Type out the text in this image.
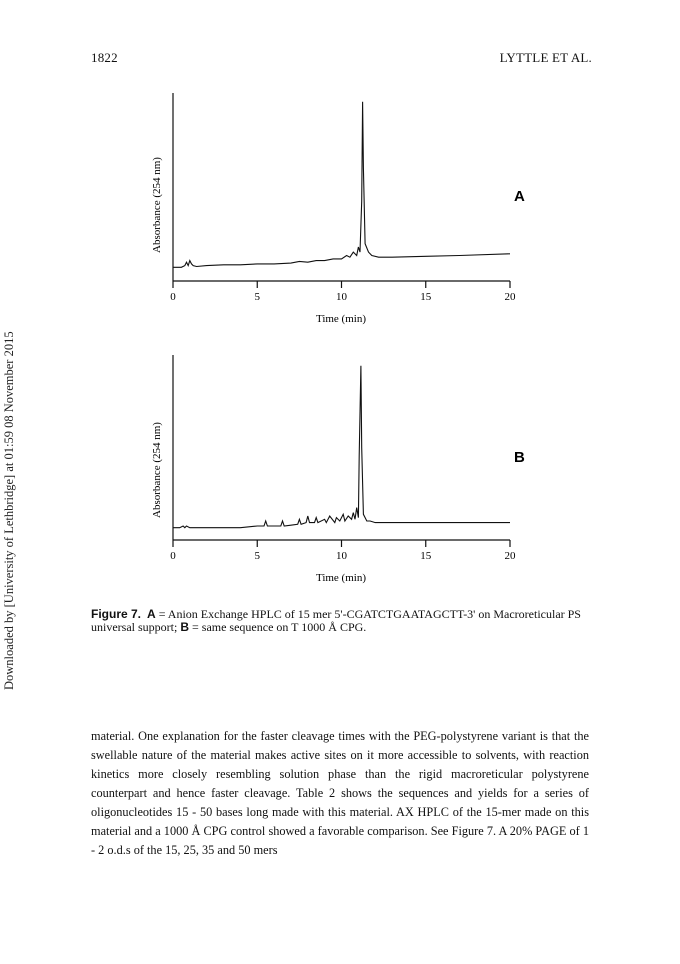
1822	LYTTLE ET AL.
Downloaded by [University of Lethbridge] at 01:59 08 November 2015
0	5	10	15	20
Absorbance (254 nm)
Time (min)
A
0	5	10	15	20
Absorbance (254 nm)
Time (min)
B
Figure 7. A = Anion Exchange HPLC of 15 mer 5'-CGATCTGAATAGCTT-3' on Macroreticular PS universal support; B = same sequence on T 1000 Å CPG.

material. One explanation for the faster cleavage times with the PEG-polystyrene variant is that the swellable nature of the material makes active sites on it more accessible to solvents, with reaction kinetics more closely resembling solution phase than the rigid macroreticular polystyrene counterpart and hence faster cleavage. Table 2 shows the sequences and yields for a series of oligonucleotides 15 - 50 bases long made with this material. AX HPLC of the 15-mer made on this material and a 1000 Å CPG control showed a favorable comparison. See Figure 7. A 20% PAGE of 1 - 2 o.d.s of the 15, 25, 35 and 50 mers
